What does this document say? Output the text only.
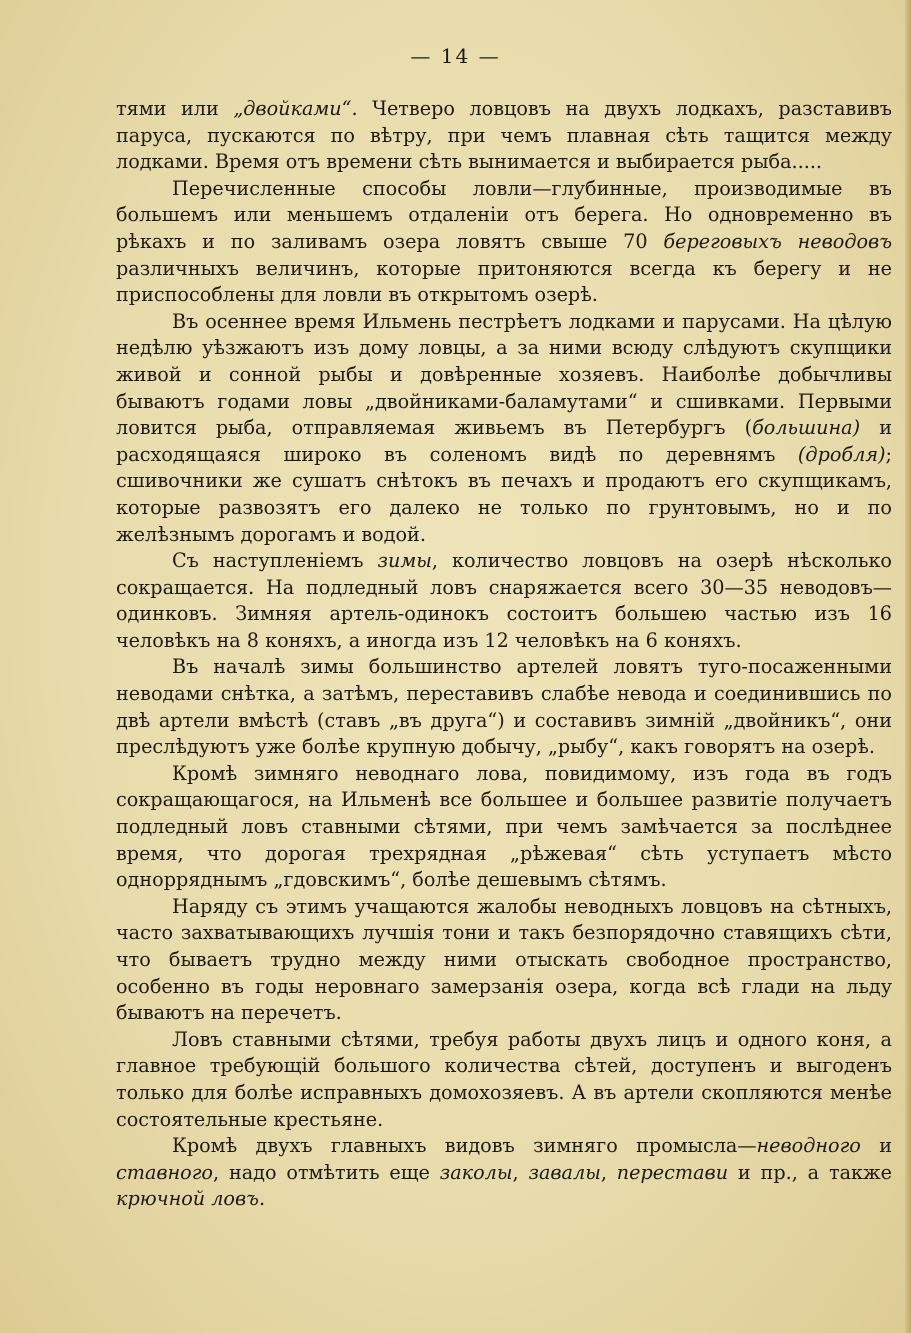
— 14 —

тями или „двойками“. Четверо ловцовъ на двухъ лодкахъ, разставивъ паруса, пускаются по вѣтру, при чемъ плавная сѣть тащится между лодками. Время отъ времени сѣть вынимается и выбирается рыба.....

Перечисленные способы ловли—глубинные, производимые въ большемъ или меньшемъ отдаленіи отъ берега. Но одновременно въ рѣкахъ и по заливамъ озера ловятъ свыше 70 береговыхъ неводовъ различныхъ величинъ, которые притоняются всегда къ берегу и не приспособлены для ловли въ открытомъ озерѣ.

Въ осеннее время Ильмень пестрѣетъ лодками и парусами. На цѣлую недѣлю уѣзжаютъ изъ дому ловцы, а за ними всюду слѣдуютъ скупщики живой и сонной рыбы и довѣренные хозяевъ. Наиболѣе добычливы бываютъ годами ловы „двойниками-баламутами“ и сшивками. Первыми ловится рыба, отправляемая живьемъ въ Петербургъ (большина) и расходящаяся широко въ соленомъ видѣ по деревнямъ (дробля); сшивочники же сушатъ снѣтокъ въ печахъ и продаютъ его скупщикамъ, которые развозятъ его далеко не только по грунтовымъ, но и по желѣзнымъ дорогамъ и водой.

Съ наступленіемъ зимы, количество ловцовъ на озерѣ нѣсколько сокращается. На подледный ловъ снаряжается всего 30—35 неводовъ—одинковъ. Зимняя артель-одинокъ состоитъ большею частью изъ 16 человѣкъ на 8 коняхъ, а иногда изъ 12 человѣкъ на 6 коняхъ.

Въ началѣ зимы большинство артелей ловятъ туго-посаженными неводами снѣтка, а затѣмъ, переставивъ слабѣе невода и соединившись по двѣ артели вмѣстѣ (ставъ „въ друга“) и составивъ зимній „двойникъ“, они преслѣдуютъ уже болѣе крупную добычу, „рыбу“, какъ говорятъ на озерѣ.

Кромѣ зимняго неводнаго лова, повидимому, изъ года въ годъ сокращающагося, на Ильменѣ все большее и большее развитіе получаетъ подледный ловъ ставными сѣтями, при чемъ замѣчается за послѣднее время, что дорогая трехрядная „рѣжевая“ сѣть уступаетъ мѣсто однорряднымъ „гдовскимъ“, болѣе дешевымъ сѣтямъ.

Наряду съ этимъ учащаются жалобы неводныхъ ловцовъ на сѣтныхъ, часто захватывающихъ лучшія тони и такъ безпорядочно ставящихъ сѣти, что бываетъ трудно между ними отыскать свободное пространство, особенно въ годы неровнаго замерзанія озера, когда всѣ глади на льду бываютъ на перечетъ.

Ловъ ставными сѣтями, требуя работы двухъ лицъ и одного коня, а главное требующій большого количества сѣтей, доступенъ и выгоденъ только для болѣе исправныхъ домохозяевъ. А въ артели скопляются менѣе состоятельные крестьяне.

Кромѣ двухъ главныхъ видовъ зимняго промысла—неводного и ставного, надо отмѣтить еще заколы, завалы, перестави и пр., а также крючной ловъ.
